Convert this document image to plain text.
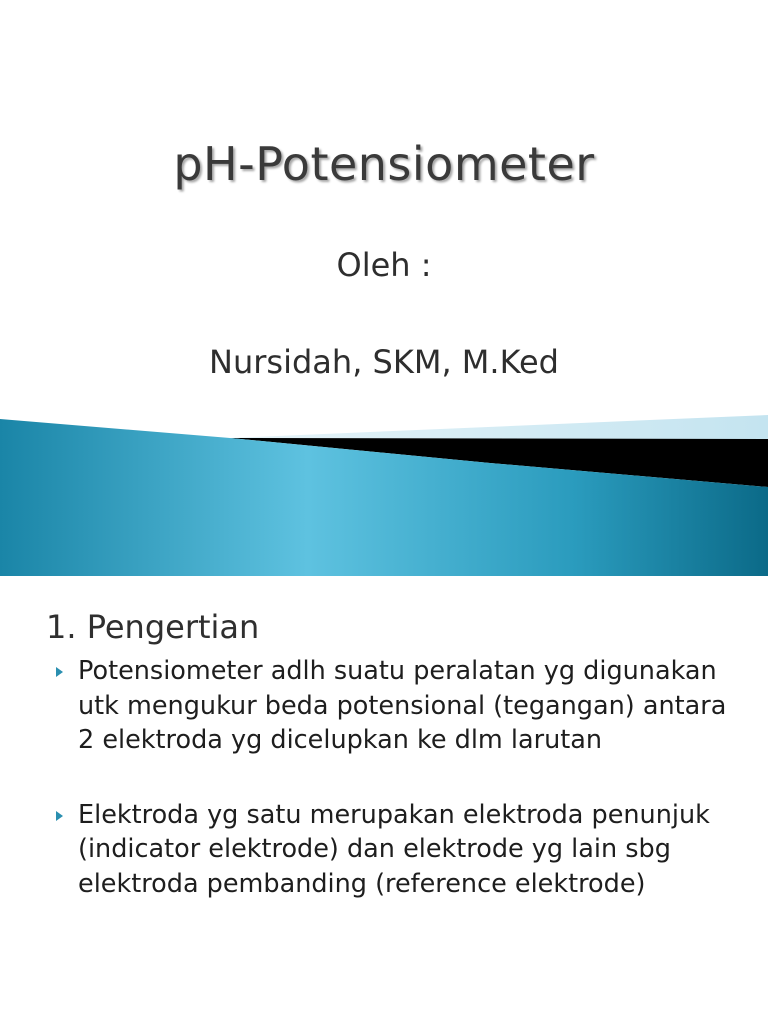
pH-Potensiometer
Oleh :
Nursidah, SKM, M.Ked
1. Pengertian
Potensiometer adlh suatu peralatan yg digunakan utk mengukur beda potensional (tegangan) antara 2 elektroda yg dicelupkan ke dlm larutan
Elektroda yg satu merupakan elektroda penunjuk (indicator elektrode) dan elektrode yg lain sbg elektroda pembanding (reference elektrode)
